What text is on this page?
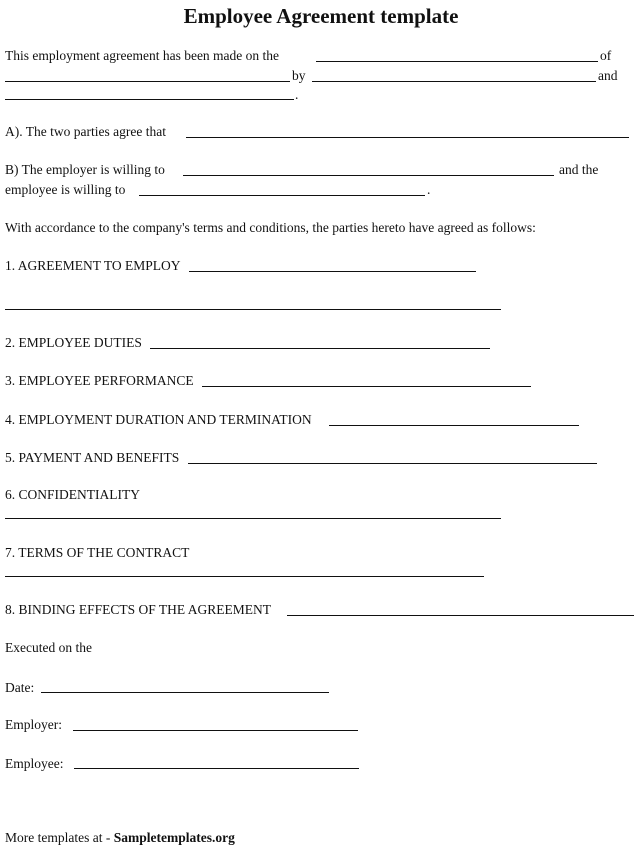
Employee Agreement template
This employment agreement has been made on the	of
by	and
.
A). The two parties agree that
B) The employer is willing to	and the
employee is willing to	.
With accordance to the company's terms and conditions, the parties hereto have agreed as follows:
1. AGREEMENT TO EMPLOY
2. EMPLOYEE DUTIES
3. EMPLOYEE PERFORMANCE
4. EMPLOYMENT DURATION AND TERMINATION
5. PAYMENT AND BENEFITS
6. CONFIDENTIALITY
7. TERMS OF THE CONTRACT
8. BINDING EFFECTS OF THE AGREEMENT
Executed on the
Date:
Employer:
Employee:
More templates at - Sampletemplates.org
